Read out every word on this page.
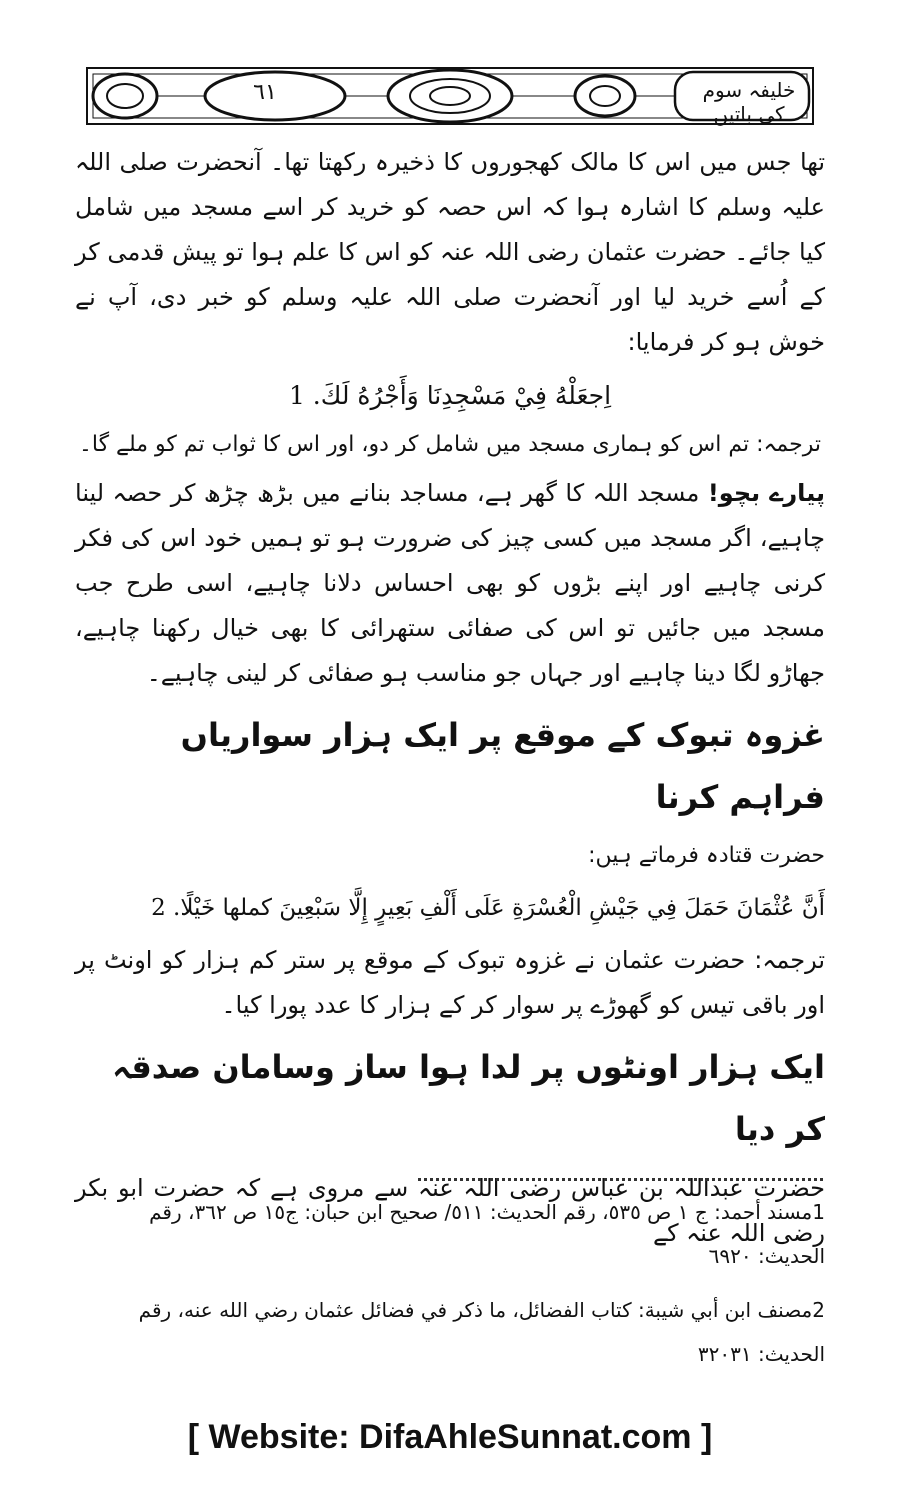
٦١	خلیفہ سوم کی باتیں

تھا جس میں اس کا مالک کھجوروں کا ذخیرہ رکھتا تھا۔ آنحضرت صلی اللہ علیہ وسلم کا اشارہ ہوا کہ اس حصہ کو خرید کر اسے مسجد میں شامل کیا جائے۔ حضرت عثمان رضی اللہ عنہ کو اس کا علم ہوا تو پیش قدمی کر کے اُسے خرید لیا اور آنحضرت صلی اللہ علیہ وسلم کو خبر دی، آپ نے خوش ہو کر فرمایا:

اِجعَلْهُ فِيْ مَسْجِدِنَا وَأَجْرُهُ لَكَ. 1

ترجمہ: تم اس کو ہماری مسجد میں شامل کر دو، اور اس کا ثواب تم کو ملے گا۔

پیارے بچو! مسجد اللہ کا گھر ہے، مساجد بنانے میں بڑھ چڑھ کر حصہ لینا چاہیے، اگر مسجد میں کسی چیز کی ضرورت ہو تو ہمیں خود اس کی فکر کرنی چاہیے اور اپنے بڑوں کو بھی احساس دلانا چاہیے، اسی طرح جب مسجد میں جائیں تو اس کی صفائی ستھرائی کا بھی خیال رکھنا چاہیے، جھاڑو لگا دینا چاہیے اور جہاں جو مناسب ہو صفائی کر لینی چاہیے۔

غزوہ تبوک کے موقع پر ایک ہزار سواریاں فراہم کرنا

حضرت قتادہ فرماتے ہیں:

أَنَّ عُثْمَانَ حَمَلَ فِي جَيْشِ الْعُسْرَةِ عَلَى أَلْفِ بَعِيرٍ إِلَّا سَبْعِينَ كملها خَيْلًا. 2

ترجمہ: حضرت عثمان نے غزوہ تبوک کے موقع پر ستر کم ہزار کو اونٹ پر اور باقی تیس کو گھوڑے پر سوار کر کے ہزار کا عدد پورا کیا۔

ایک ہزار اونٹوں پر لدا ہوا ساز وسامان صدقہ کر دیا

حضرت عبداللہ بن عباس رضی اللہ عنہ سے مروی ہے کہ حضرت ابو بکر رضی اللہ عنہ کے

1مسند أحمد: ج ١ ص ٥٣٥، رقم الحديث: ٥١١/ صحيح ابن حبان: ج١٥ ص ٣٦٢، رقم الحديث: ٦٩٢٠

2مصنف ابن أبي شيبة: كتاب الفضائل، ما ذكر في فضائل عثمان رضي الله عنه، رقم الحديث: ٣٢٠٣١

[ Website: DifaAhleSunnat.com ]
